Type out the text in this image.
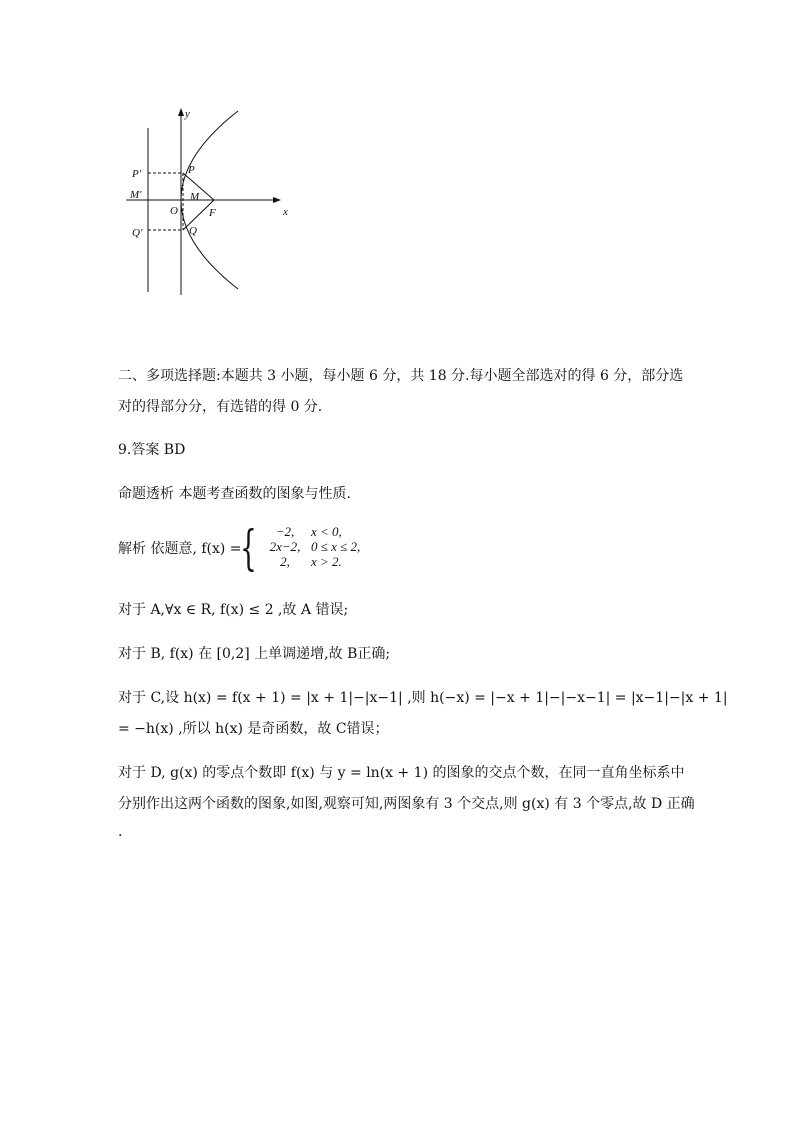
y
x
P′	P
M′	M
O	F
Q′	Q
二、多项选择题:本题共 3 小题，每小题 6 分，共 18 分.每小题全部选对的得 6 分，部分选
对的得部分分，有选错的得 0 分.
9.答案 BD
命题透析 本题考查函数的图象与性质.
解析 依题意, f(x) =
{	−2, x < 0,
2x−2, 0 ≤ x ≤ 2,
2, x > 2.
对于 A,∀x ∈ R, f(x) ≤ 2 ,故 A 错误;
对于 B, f(x) 在 [0,2] 上单调递增,故 B正确;
对于 C,设 h(x) = f(x + 1) = |x + 1|−|x−1| ,则 h(−x) = |−x + 1|−|−x−1| = |x−1|−|x + 1|
= −h(x) ,所以 h(x) 是奇函数，故 C错误；
对于 D, g(x) 的零点个数即 f(x) 与 y = ln(x + 1) 的图象的交点个数，在同一直角坐标系中
分别作出这两个函数的图象,如图,观察可知,两图象有 3 个交点,则 g(x) 有 3 个零点,故 D 正确
.
